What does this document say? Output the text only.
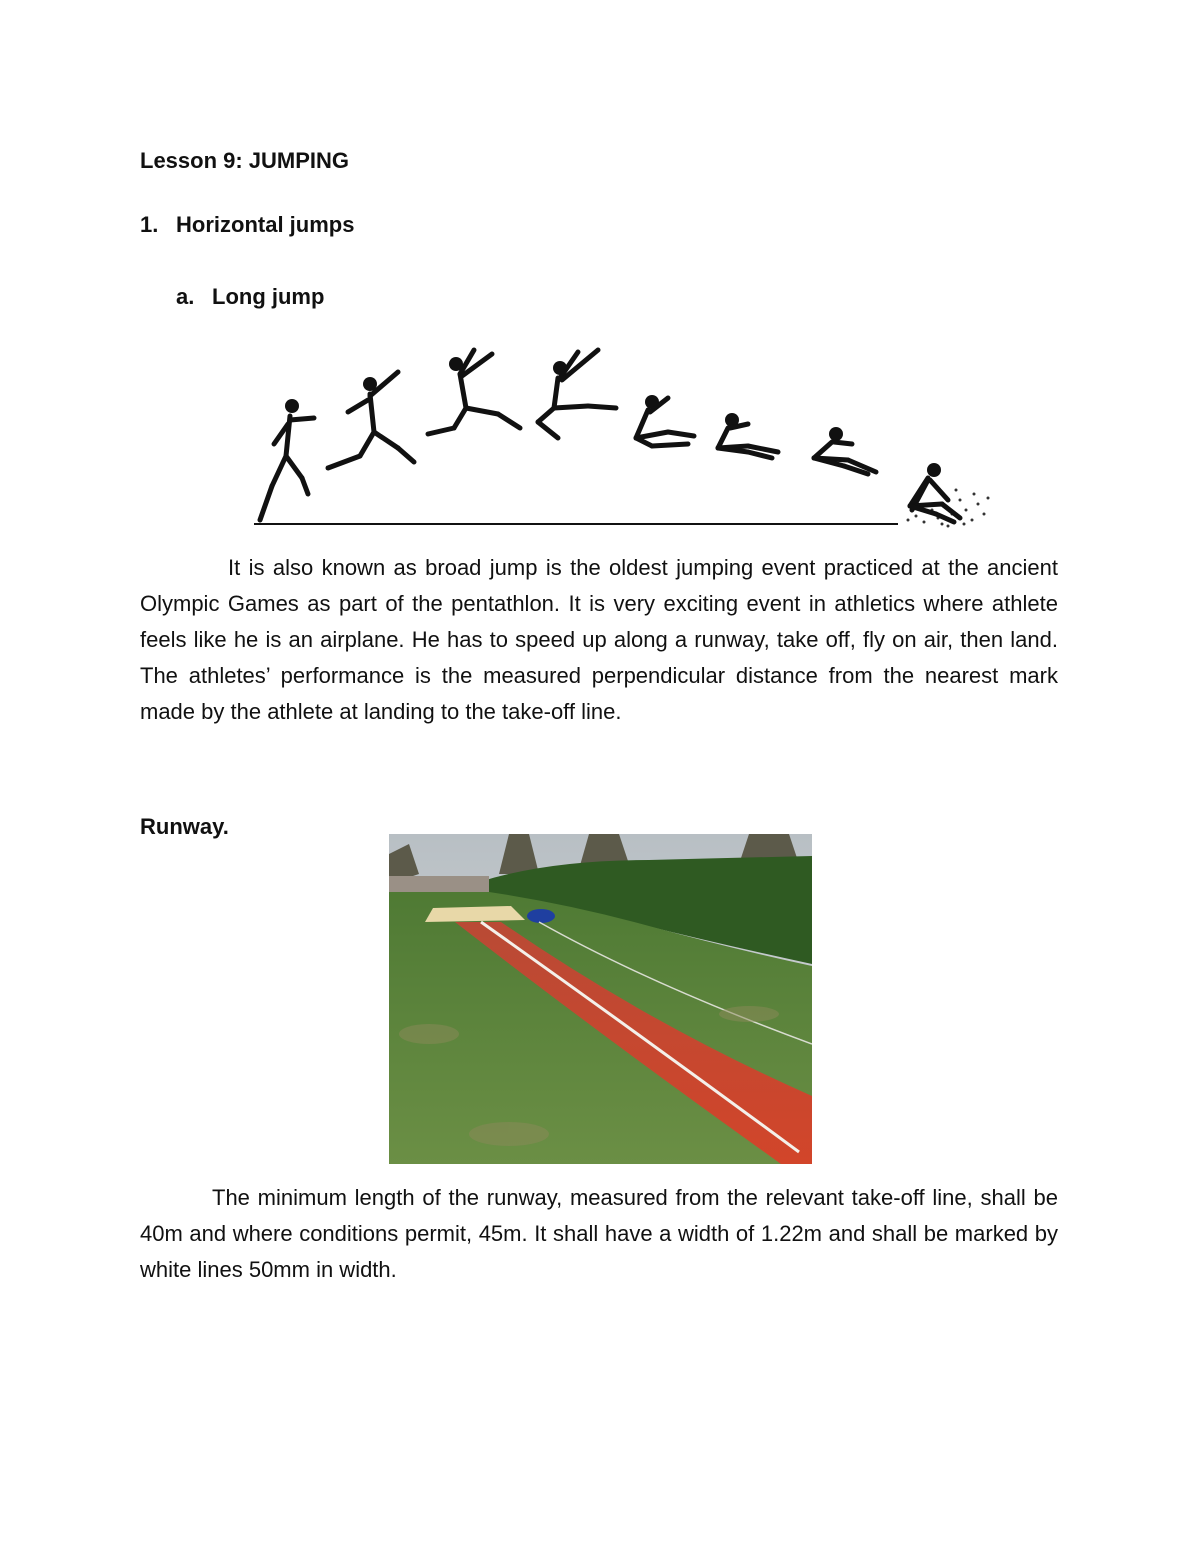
Lesson 9: JUMPING

1. Horizontal jumps

a. Long jump

It is also known as broad jump is the oldest jumping event practiced at the ancient Olympic Games as part of the pentathlon. It is very exciting event in athletics where athlete feels like he is an airplane. He has to speed up along a runway, take off, fly on air, then land. The athletes’ performance is the measured perpendicular distance from the nearest mark made by the athlete at landing to the take-off line.

Runway.

The minimum length of the runway, measured from the relevant take-off line, shall be 40m and where conditions permit, 45m. It shall have a width of 1.22m and shall be marked by white lines 50mm in width.
